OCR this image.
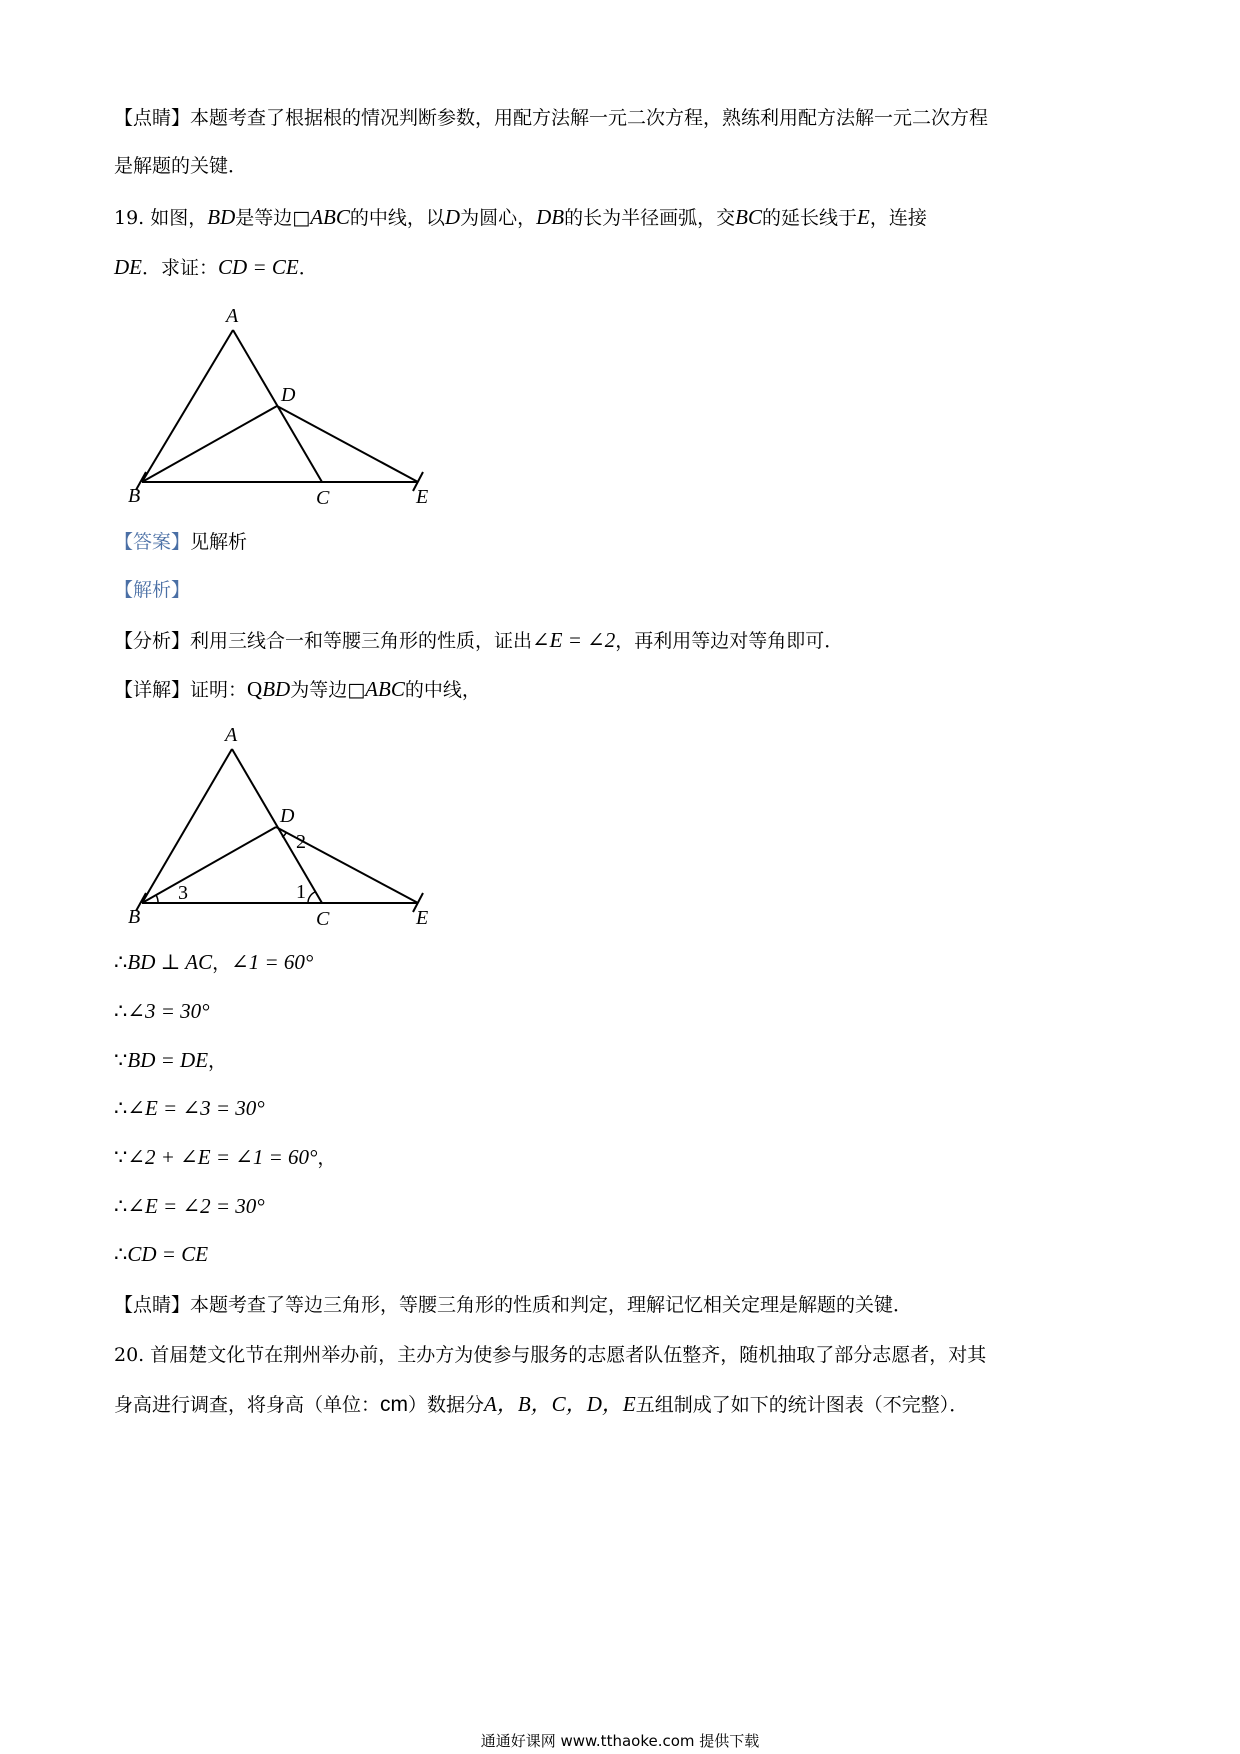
【点睛】本题考查了根据根的情况判断参数，用配方法解一元二次方程，熟练利用配方法解一元二次方程
是解题的关键．
19. 如图，BD是等边□ABC的中线，以D为圆心，DB的长为半径画弧，交BC的延长线于E，连接
DE．求证：CD = CE．
A
B	C
D
E
【答案】见解析
【解析】
【分析】利用三线合一和等腰三角形的性质，证出∠E = ∠2，再利用等边对等角即可．
【详解】证明：QBD为等边□ABC的中线，
A
B	C
D
E
1
2
3
∴BD ⊥ AC，∠1 = 60°
∴∠3 = 30°
∵BD = DE，
∴∠E = ∠3 = 30°
∵∠2 + ∠E = ∠1 = 60°，
∴∠E = ∠2 = 30°
∴CD = CE
【点睛】本题考查了等边三角形，等腰三角形的性质和判定，理解记忆相关定理是解题的关键．
20. 首届楚文化节在荆州举办前，主办方为使参与服务的志愿者队伍整齐，随机抽取了部分志愿者，对其
身高进行调查，将身高（单位：cm）数据分A，B，C，D，E五组制成了如下的统计图表（不完整）．
通通好课网 www.tthaoke.com 提供下载
